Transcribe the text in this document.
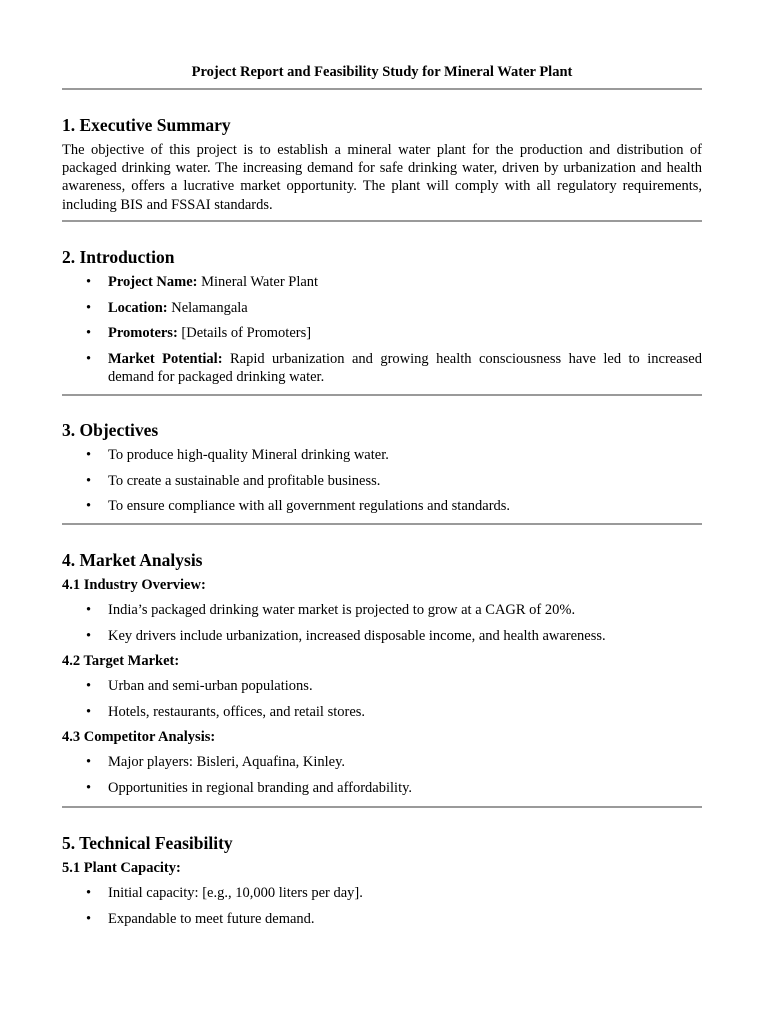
Project Report and Feasibility Study for Mineral Water Plant
1. Executive Summary

The objective of this project is to establish a mineral water plant for the production and distribution of packaged drinking water. The increasing demand for safe drinking water, driven by urbanization and health awareness, offers a lucrative market opportunity. The plant will comply with all regulatory requirements, including BIS and FSSAI standards.

2. Introduction
• Project Name: Mineral Water Plant
• Location: Nelamangala
• Promoters: [Details of Promoters]
• Market Potential: Rapid urbanization and growing health consciousness have led to increased demand for packaged drinking water.
3. Objectives
• To produce high-quality Mineral drinking water.
• To create a sustainable and profitable business.
• To ensure compliance with all government regulations and standards.
4. Market Analysis
4.1 Industry Overview:
• India’s packaged drinking water market is projected to grow at a CAGR of 20%.
• Key drivers include urbanization, increased disposable income, and health awareness.
4.2 Target Market:
• Urban and semi-urban populations.
• Hotels, restaurants, offices, and retail stores.
4.3 Competitor Analysis:
• Major players: Bisleri, Aquafina, Kinley.
• Opportunities in regional branding and affordability.
5. Technical Feasibility
5.1 Plant Capacity:
• Initial capacity: [e.g., 10,000 liters per day].
• Expandable to meet future demand.
